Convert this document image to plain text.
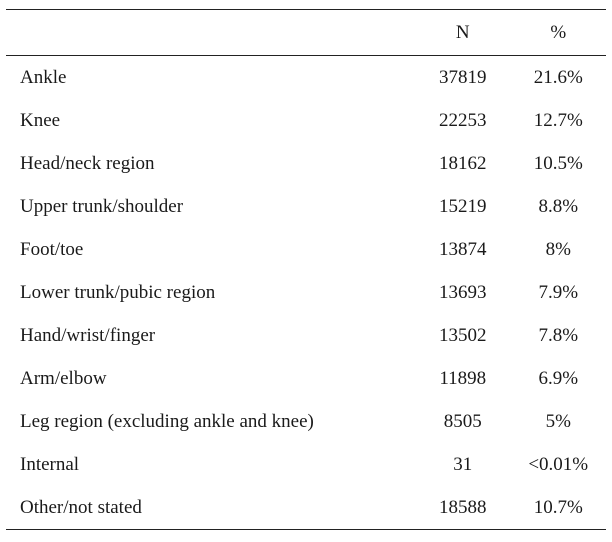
	N	%
Ankle	37819	21.6%
Knee	22253	12.7%
Head/neck region	18162	10.5%
Upper trunk/shoulder	15219	8.8%
Foot/toe	13874	8%
Lower trunk/pubic region	13693	7.9%
Hand/wrist/finger	13502	7.8%
Arm/elbow	11898	6.9%
Leg region (excluding ankle and knee)	8505	5%
Internal	31	<0.01%
Other/not stated	18588	10.7%
